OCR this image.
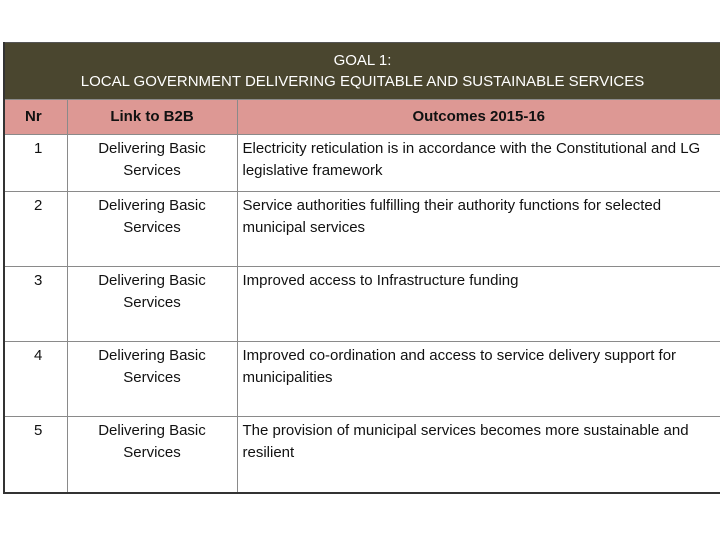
GOAL 1:
LOCAL GOVERNMENT DELIVERING EQUITABLE AND SUSTAINABLE SERVICES		

Nr	Link to B2B	Outcomes 2015-16
1	Delivering Basic Services	Electricity reticulation is in accordance with the Constitutional and LG legislative framework
2	Delivering Basic Services	Service authorities fulfilling their authority functions for selected municipal services
3	Delivering Basic Services	Improved access to Infrastructure funding
4	Delivering Basic Services	Improved co-ordination and access to service delivery support for municipalities
5	Delivering Basic Services	The provision of municipal services becomes more sustainable and resilient
